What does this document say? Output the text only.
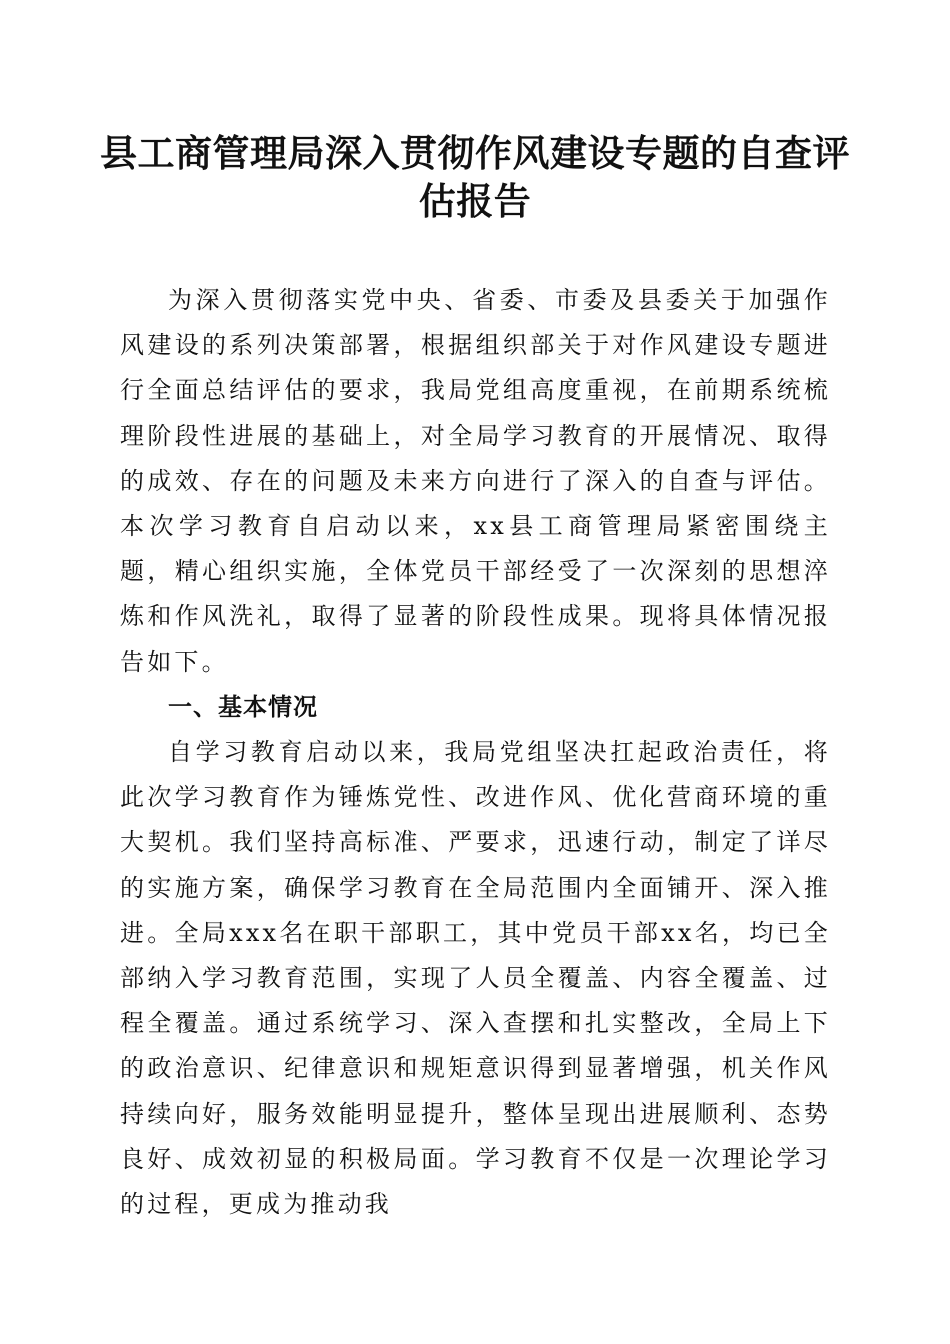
县工商管理局深入贯彻作风建设专题的自查评估报告

为深入贯彻落实党中央、省委、市委及县委关于加强作风建设的系列决策部署，根据组织部关于对作风建设专题进行全面总结评估的要求，我局党组高度重视，在前期系统梳理阶段性进展的基础上，对全局学习教育的开展情况、取得的成效、存在的问题及未来方向进行了深入的自查与评估。本次学习教育自启动以来，xx县工商管理局紧密围绕主题，精心组织实施，全体党员干部经受了一次深刻的思想淬炼和作风洗礼，取得了显著的阶段性成果。现将具体情况报告如下。

一、基本情况

自学习教育启动以来，我局党组坚决扛起政治责任，将此次学习教育作为锤炼党性、改进作风、优化营商环境的重大契机。我们坚持高标准、严要求，迅速行动，制定了详尽的实施方案，确保学习教育在全局范围内全面铺开、深入推进。全局xxx名在职干部职工，其中党员干部xx名，均已全部纳入学习教育范围，实现了人员全覆盖、内容全覆盖、过程全覆盖。通过系统学习、深入查摆和扎实整改，全局上下的政治意识、纪律意识和规矩意识得到显著增强，机关作风持续向好，服务效能明显提升，整体呈现出进展顺利、态势良好、成效初显的积极局面。学习教育不仅是一次理论学习的过程，更成为推动我
